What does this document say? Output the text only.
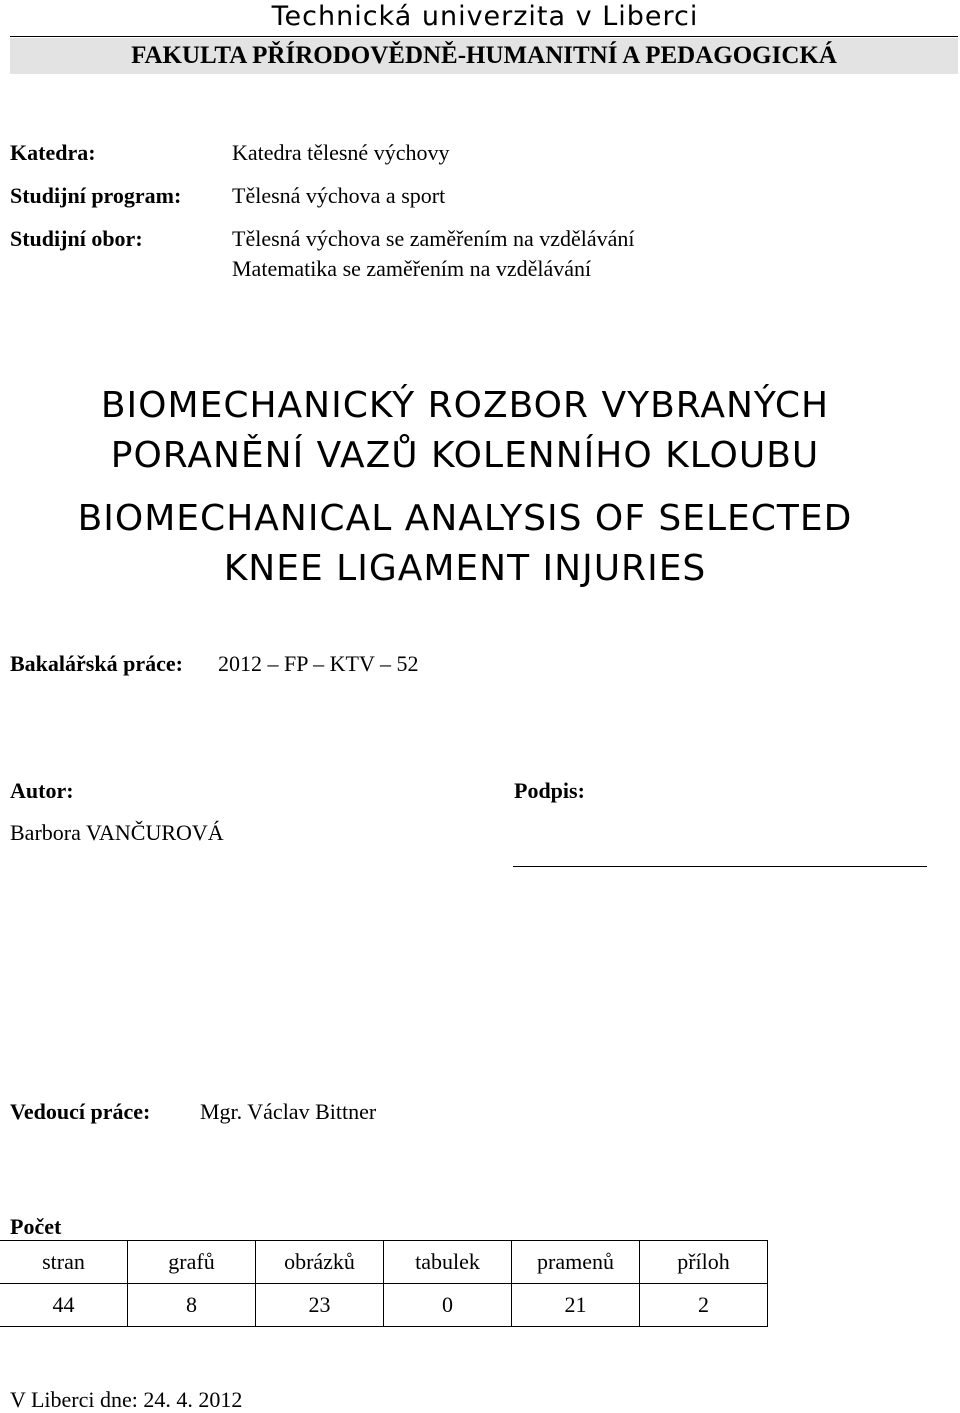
Technická univerzita v Liberci
FAKULTA PŘÍRODOVĚDNĚ-HUMANITNÍ A PEDAGOGICKÁ
Katedra:	Katedra tělesné výchovy
Studijní program: Tělesná výchova a sport
Studijní obor:	Tělesná výchova se zaměřením na vzdělávání
Matematika se zaměřením na vzdělávání
BIOMECHANICKÝ ROZBOR VYBRANÝCH
PORANĚNÍ VAZŮ KOLENNÍHO KLOUBU
BIOMECHANICAL ANALYSIS OF SELECTED
KNEE LIGAMENT INJURIES
Bakalářská práce: 2012 – FP – KTV – 52
Autor:
Barbora VANČUROVÁ
Podpis:
Vedoucí práce: Mgr. Václav Bittner
Počet
stran	grafů	obrázků	tabulek	pramenů	příloh
44	8	23	0	21	2
V Liberci dne: 24. 4. 2012
